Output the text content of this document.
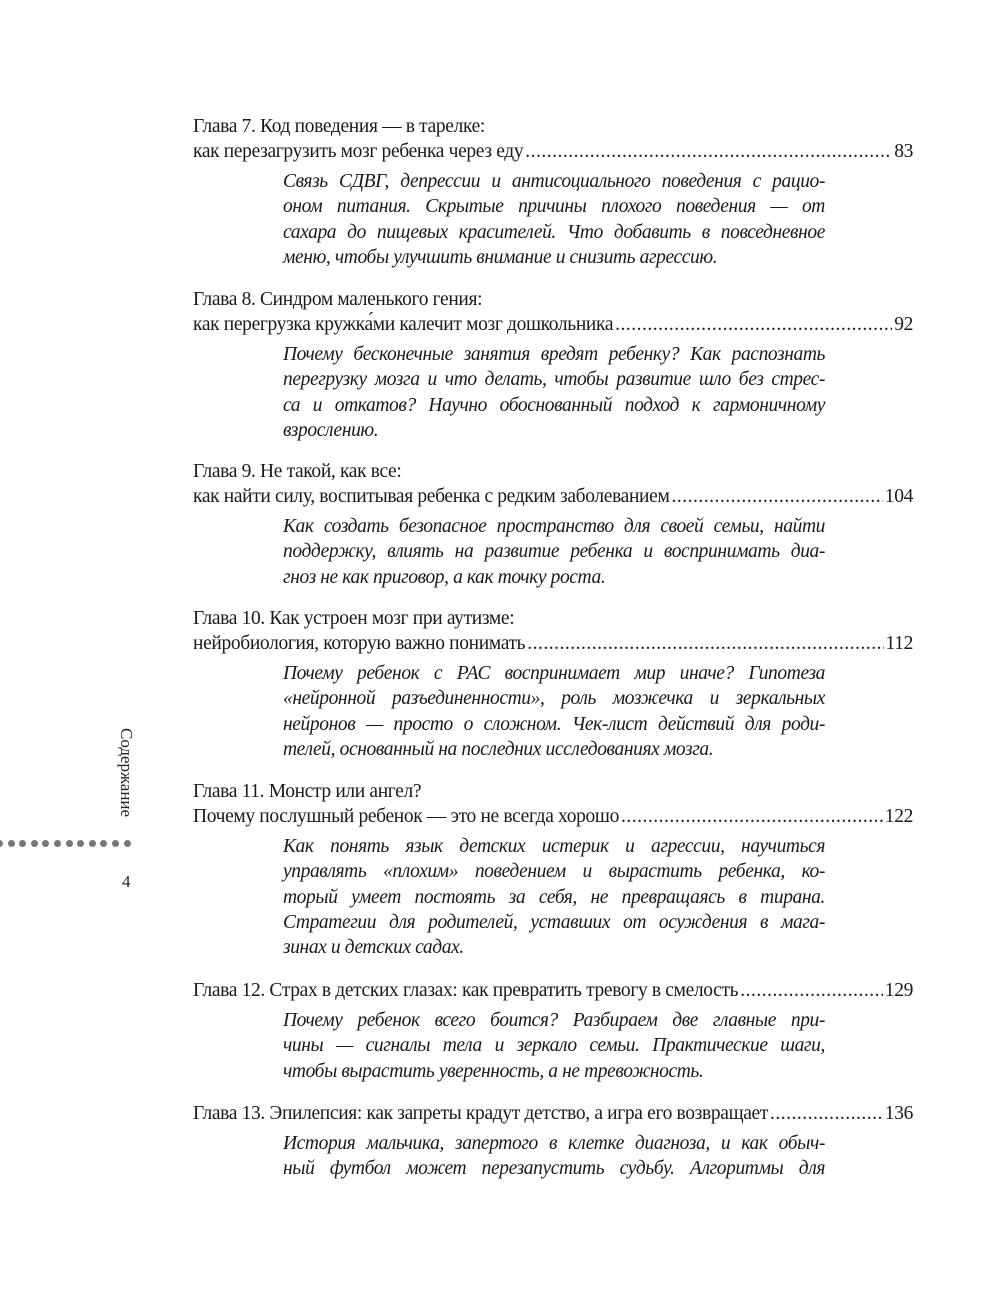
Глава 7. Код поведения — в тарелке:
как перезагрузить мозг ребенка через еду .....	83
Связь СДВГ, депрессии и антисоциального поведения с рацио-
оном питания. Скрытые причины плохого поведения — от
сахара до пищевых красителей. Что добавить в повседневное
меню, чтобы улучшить внимание и снизить агрессию.
Глава 8. Синдром маленького гения:
как перегрузка кружка́ми калечит мозг дошкольника .....	92
Почему бесконечные занятия вредят ребенку? Как распознать
перегрузку мозга и что делать, чтобы развитие шло без стрес-
са и откатов? Научно обоснованный подход к гармоничному
взрослению.
Глава 9. Не такой, как все:
как найти силу, воспитывая ребенка с редким заболеванием .....	104
Как создать безопасное пространство для своей семьи, найти
поддержку, влиять на развитие ребенка и воспринимать диа-
гноз не как приговор, а как точку роста.
Глава 10. Как устроен мозг при аутизме:
нейробиология, которую важно понимать .....	112
Почему ребенок с РАС воспринимает мир иначе? Гипотеза
«нейронной разъединенности», роль мозжечка и зеркальных
нейронов — просто о сложном. Чек-лист действий для роди-
телей, основанный на последних исследованиях мозга.
Глава 11. Монстр или ангел?
Почему послушный ребенок — это не всегда хорошо .....	122
Как понять язык детских истерик и агрессии, научиться
управлять «плохим» поведением и вырастить ребенка, ко-
торый умеет постоять за себя, не превращаясь в тирана.
Стратегии для родителей, уставших от осуждения в мага-
зинах и детских садах.
Глава 12. Страх в детских глазах: как превратить тревогу в смелость .....	129
Почему ребенок всего боится? Разбираем две главные при-
чины — сигналы тела и зеркало семьи. Практические шаги,
чтобы вырастить уверенность, а не тревожность.
Глава 13. Эпилепсия: как запреты крадут детство, а игра его возвращает .....	136
История мальчика, запертого в клетке диагноза, и как обыч-
ный футбол может перезапустить судьбу. Алгоритмы для
Содержание
4
